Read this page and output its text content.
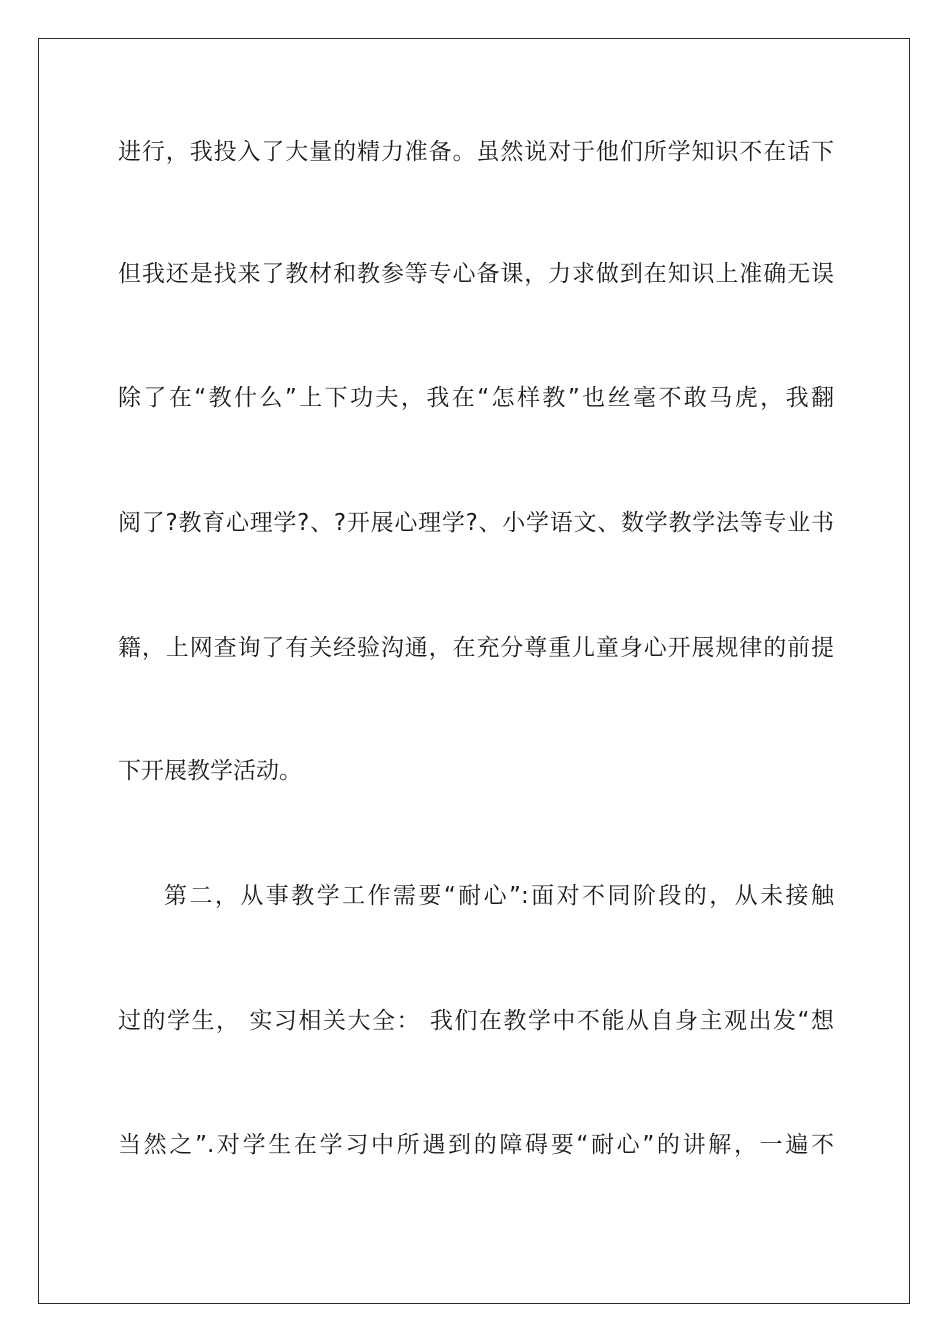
进行，我投入了大量的精力准备。虽然说对于他们所学知识不在话下
但我还是找来了教材和教参等专心备课，力求做到在知识上准确无误
除了在“教什么”上下功夫，我在“怎样教”也丝毫不敢马虎，我翻
阅了?教育心理学?、?开展心理学?、小学语文、数学教学法等专业书
籍，上网查询了有关经验沟通，在充分尊重儿童身心开展规律的前提
下开展教学活动。
第二，从事教学工作需要“耐心”:面对不同阶段的，从未接触
过的学生， 实习相关大全： 我们在教学中不能从自身主观出发“想
当然之”.对学生在学习中所遇到的障碍要“耐心”的讲解，一遍不
